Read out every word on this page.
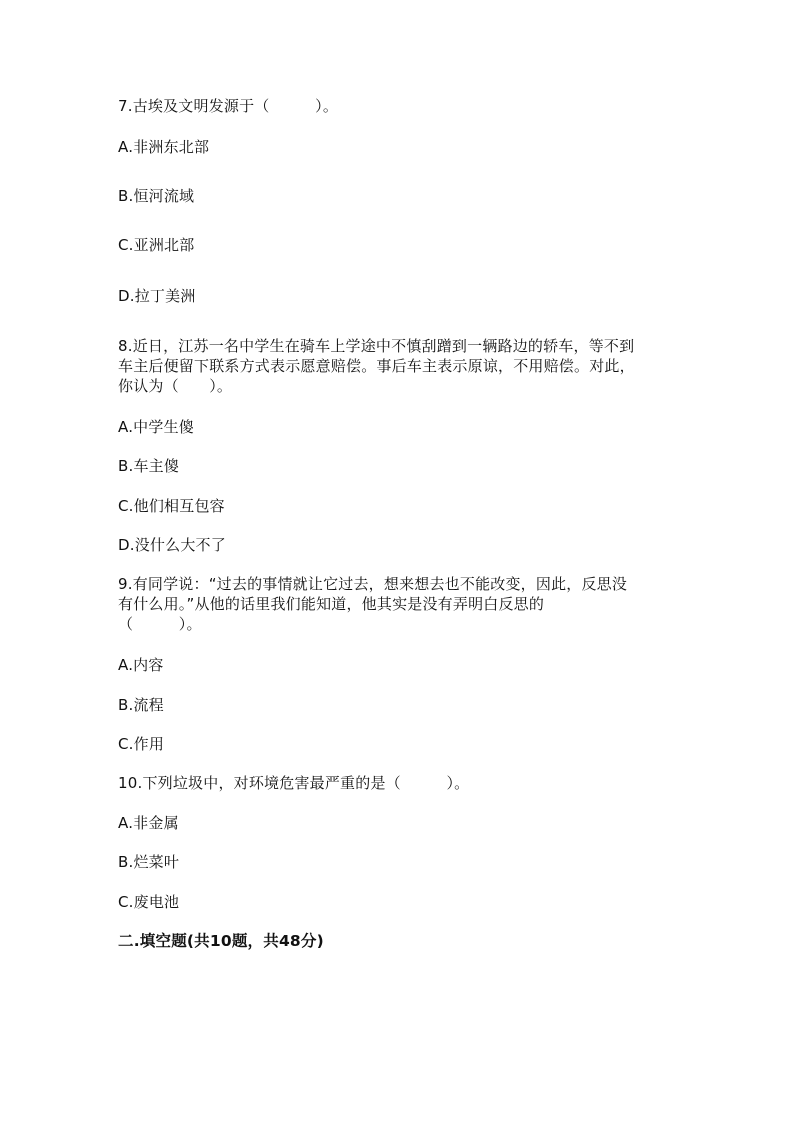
7.古埃及文明发源于（　　　）。
A.非洲东北部
B.恒河流域
C.亚洲北部
D.拉丁美洲
8.近日，江苏一名中学生在骑车上学途中不慎刮蹭到一辆路边的轿车，等不到
车主后便留下联系方式表示愿意赔偿。事后车主表示原谅，不用赔偿。对此，
你认为（　　）。
A.中学生傻
B.车主傻
C.他们相互包容
D.没什么大不了
9.有同学说：“过去的事情就让它过去，想来想去也不能改变，因此，反思没
有什么用。”从他的话里我们能知道，他其实是没有弄明白反思的
（　　　）。
A.内容
B.流程
C.作用
10.下列垃圾中，对环境危害最严重的是（　　　）。
A.非金属
B.烂菜叶
C.废电池
二.填空题(共10题，共48分)
